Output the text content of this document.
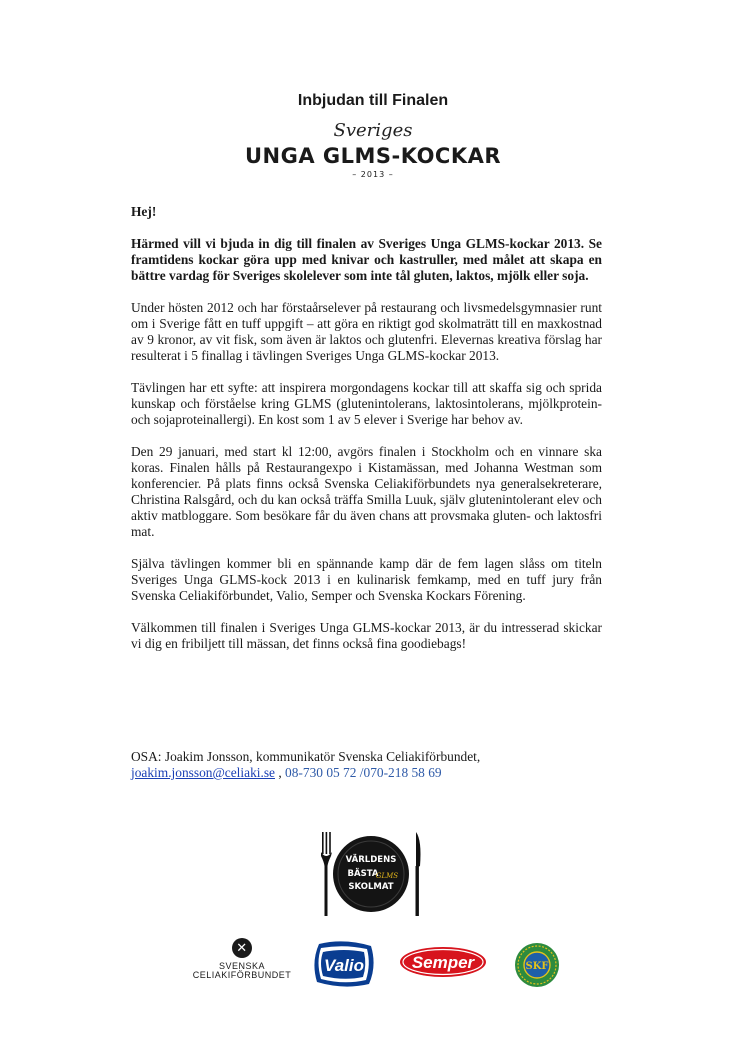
Inbjudan till Finalen
Sveriges
UNGA GLMS-KOCKAR
– 2013 –

Hej!

Härmed vill vi bjuda in dig till finalen av Sveriges Unga GLMS-kockar 2013. Se framtidens kockar göra upp med knivar och kastruller, med målet att skapa en bättre vardag för Sveriges skolelever som inte tål gluten, laktos, mjölk eller soja.

Under hösten 2012 och har förstaårselever på restaurang och livsmedelsgymnasier runt om i Sverige fått en tuff uppgift – att göra en riktigt god skolmaträtt till en maxkostnad av 9 kronor, av vit fisk, som även är laktos och glutenfri. Elevernas kreativa förslag har resulterat i 5 finallag i tävlingen Sveriges Unga GLMS-kockar 2013.

Tävlingen har ett syfte: att inspirera morgondagens kockar till att skaffa sig och sprida kunskap och förståelse kring GLMS (glutenintolerans, laktosintolerans, mjölkprotein- och sojaproteinallergi). En kost som 1 av 5 elever i Sverige har behov av.

Den 29 januari, med start kl 12:00, avgörs finalen i Stockholm och en vinnare ska koras. Finalen hålls på Restaurangexpo i Kistamässan, med Johanna Westman som konferencier. På plats finns också Svenska Celiakiförbundets nya generalsekreterare, Christina Ralsgård, och du kan också träffa Smilla Luuk, själv glutenintolerant elev och aktiv matbloggare. Som besökare får du även chans att provsmaka gluten- och laktosfri mat.

Själva tävlingen kommer bli en spännande kamp där de fem lagen slåss om titeln Sveriges Unga GLMS-kock 2013 i en kulinarisk femkamp, med en tuff jury från Svenska Celiakiförbundet, Valio, Semper och Svenska Kockars Förening.

Välkommen till finalen i Sveriges Unga GLMS-kockar 2013, är du intresserad skickar vi dig en fribiljett till mässan, det finns också fina goodiebags!

OSA: Joakim Jonsson, kommunikatör Svenska Celiakiförbundet,
joakim.jonsson@celiaki.se , 08-730 05 72 /070-218 58 69
VÄRLDENS
BÄSTA
GLMS
SKOLMAT
✕
SVENSKA
CELIAKIFÖRBUNDET Valio	Semper	SKF
